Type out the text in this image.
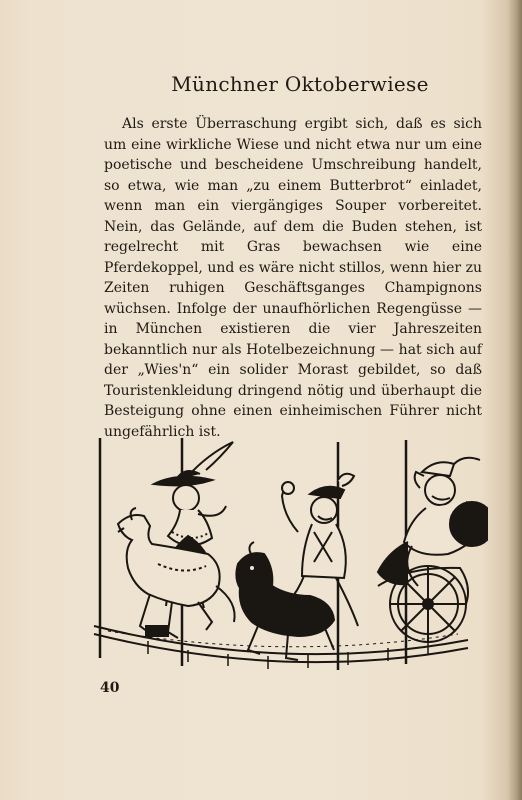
Münchner Oktoberwiese

Als erste Überraschung ergibt sich, daß es sich um eine wirkliche Wiese und nicht etwa nur um eine poetische und bescheidene Umschreibung handelt, so etwa, wie man „zu einem Butterbrot“ einladet, wenn man ein viergängiges Souper vorbereitet. Nein, das Gelände, auf dem die Buden stehen, ist regelrecht mit Gras bewachsen wie eine Pferdekoppel, und es wäre nicht stillos, wenn hier zu Zeiten ruhigen Geschäftsganges Champignons wüchsen. Infolge der unaufhörlichen Regengüsse — in München existieren die vier Jahreszeiten bekanntlich nur als Hotelbezeichnung — hat sich auf der „Wies'n“ ein solider Morast gebildet, so daß Touristenkleidung dringend nötig und überhaupt die Besteigung ohne einen einheimischen Führer nicht ungefährlich ist.

40
